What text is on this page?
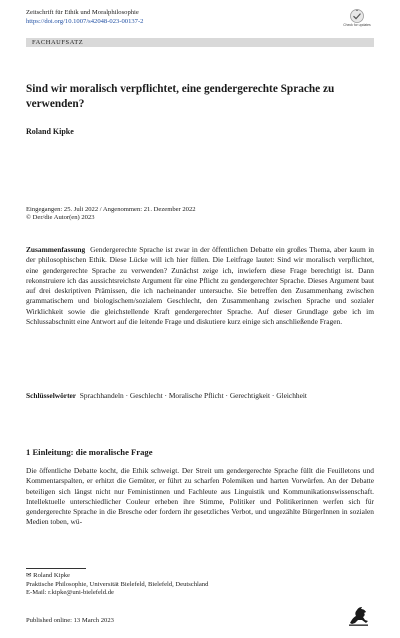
Zeitschrift für Ethik und Moralphilosophie
https://doi.org/10.1007/s42048-023-00137-2
Check for updates
FACHAUFSATZ
Sind wir moralisch verpflichtet, eine gendergerechte Sprache zu verwenden?
Roland Kipke
Eingegangen: 25. Juli 2022 / Angenommen: 21. Dezember 2022
© Der/die Autor(en) 2023
Zusammenfassung Gendergerechte Sprache ist zwar in der öffentlichen Debatte ein großes Thema, aber kaum in der philosophischen Ethik. Diese Lücke will ich hier füllen. Die Leitfrage lautet: Sind wir moralisch verpflichtet, eine gendergerechte Sprache zu verwenden? Zunächst zeige ich, inwiefern diese Frage berechtigt ist. Dann rekonstruiere ich das aussichtsreichste Argument für eine Pflicht zu gendergerechter Sprache. Dieses Argument baut auf drei deskriptiven Prämissen, die ich nacheinander untersuche. Sie betreffen den Zusammenhang zwischen grammatischem und biologischem/sozialem Geschlecht, den Zusammenhang zwischen Sprache und sozialer Wirklichkeit sowie die gleichstellende Kraft gendergerechter Sprache. Auf dieser Grundlage gebe ich im Schlussabschnitt eine Antwort auf die leitende Frage und diskutiere kurz einige sich anschließende Fragen.
Schlüsselwörter Sprachhandeln · Geschlecht · Moralische Pflicht · Gerechtigkeit · Gleichheit
1 Einleitung: die moralische Frage
Die öffentliche Debatte kocht, die Ethik schweigt. Der Streit um gendergerechte Sprache füllt die Feuilletons und Kommentarspalten, er erhitzt die Gemüter, er führt zu scharfen Polemiken und harten Vorwürfen. An der Debatte beteiligen sich längst nicht nur Feministinnen und Fachleute aus Linguistik und Kommunikationswissenschaft. Intellektuelle unterschiedlicher Couleur erheben ihre Stimme, Politiker und Politikerinnen werfen sich für gendergerechte Sprache in die Bresche oder fordern ihr gesetzliches Verbot, und ungezählte BürgerInnen in sozialen Medien toben, wü-
✉ Roland Kipke
Praktische Philosophie, Universität Bielefeld, Bielefeld, Deutschland
E-Mail: r.kipke@uni-bielefeld.de
Published online: 13 March 2023
